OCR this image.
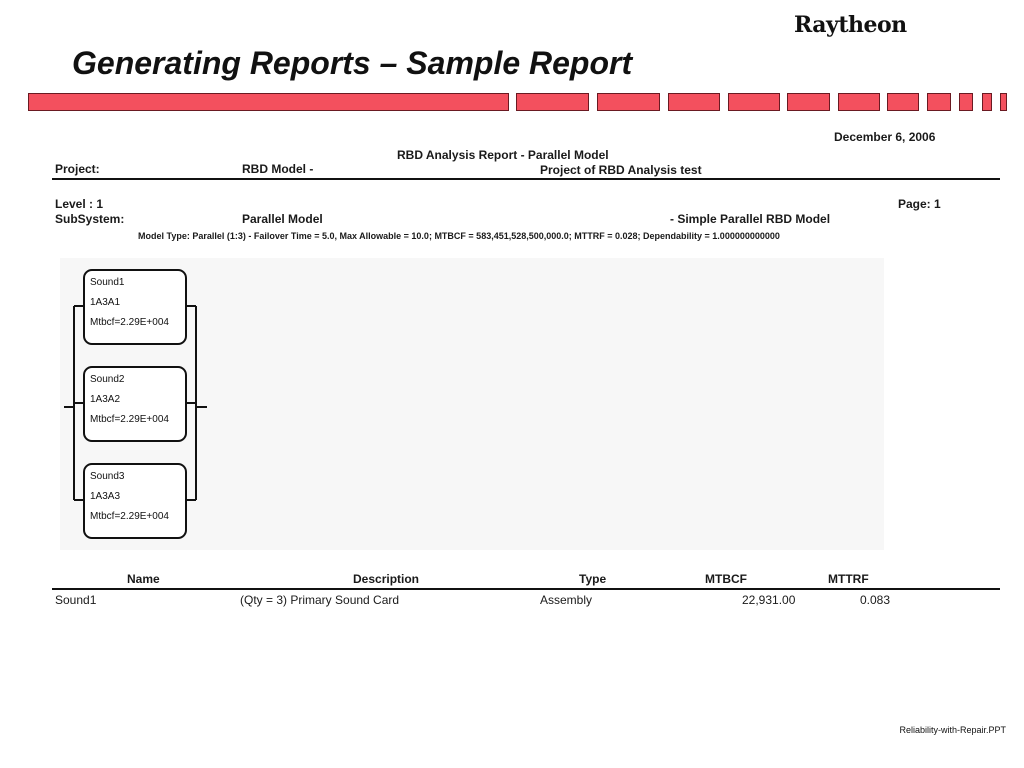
Raytheon
Generating Reports – Sample Report
December 6, 2006
RBD Analysis Report - Parallel Model
Project:	RBD Model -	Project of RBD Analysis test
Level : 1	Page: 1
SubSystem:	Parallel Model	- Simple Parallel RBD Model
Model Type: Parallel (1:3) - Failover Time = 5.0, Max Allowable = 10.0; MTBCF = 583,451,528,500,000.0; MTTRF = 0.028; Dependability = 1.000000000000
Sound1
1A3A1
Mtbcf=2.29E+004
Sound2
1A3A2
Mtbcf=2.29E+004
Sound3
1A3A3
Mtbcf=2.29E+004
Name	Description	Type	MTBCF	MTTRF
Sound1	(Qty = 3) Primary Sound Card	Assembly	22,931.00	0.083
Reliability-with-Repair.PPT
